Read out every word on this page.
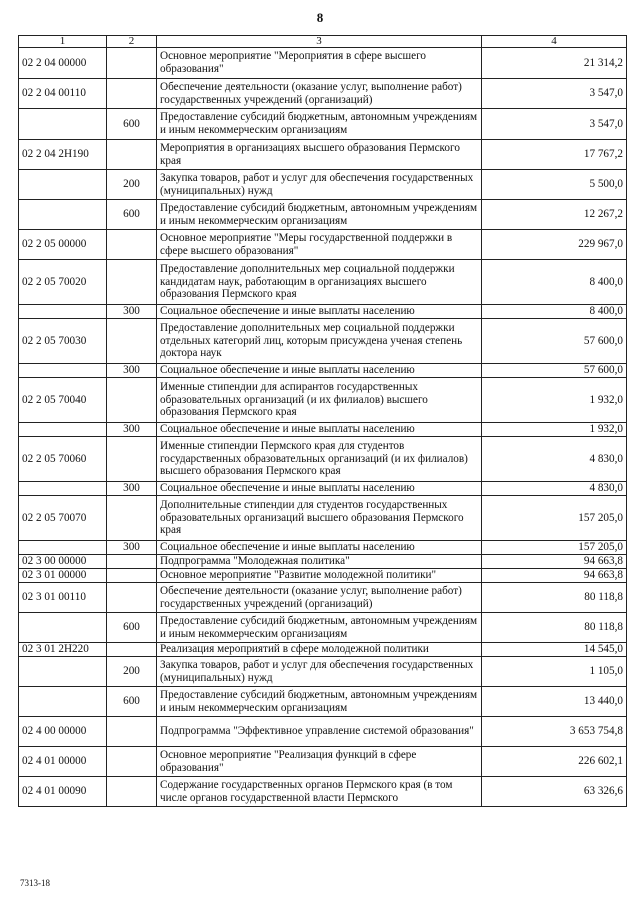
8
1	2	3	4
02 2 04 00000		Основное мероприятие "Мероприятия в сфере высшего образования"	21 314,2
02 2 04 00110		Обеспечение деятельности (оказание услуг, выполнение работ) государственных учреждений (организаций)	3 547,0
	600	Предоставление субсидий бюджетным, автономным учреждениям и иным некоммерческим организациям	3 547,0
02 2 04 2Н190		Мероприятия в организациях высшего образования Пермского края	17 767,2
	200	Закупка товаров, работ и услуг для обеспечения государственных (муниципальных) нужд	5 500,0
	600	Предоставление субсидий бюджетным, автономным учреждениям и иным некоммерческим организациям	12 267,2
02 2 05 00000		Основное мероприятие "Меры государственной поддержки в сфере высшего образования"	229 967,0
02 2 05 70020		Предоставление дополнительных мер социальной поддержки кандидатам наук, работающим в организациях высшего образования Пермского края	8 400,0
	300	Социальное обеспечение и иные выплаты населению	8 400,0
02 2 05 70030		Предоставление дополнительных мер социальной поддержки отдельных категорий лиц, которым присуждена ученая степень доктора наук	57 600,0
	300	Социальное обеспечение и иные выплаты населению	57 600,0
02 2 05 70040		Именные стипендии для аспирантов государственных образовательных организаций (и их филиалов) высшего образования Пермского края	1 932,0
	300	Социальное обеспечение и иные выплаты населению	1 932,0
02 2 05 70060		Именные стипендии Пермского края для студентов государственных образовательных организаций (и их филиалов) высшего образования Пермского края	4 830,0
	300	Социальное обеспечение и иные выплаты населению	4 830,0
02 2 05 70070		Дополнительные стипендии для студентов государственных образовательных организаций высшего образования Пермского края	157 205,0
	300	Социальное обеспечение и иные выплаты населению	157 205,0
02 3 00 00000		Подпрограмма "Молодежная политика"	94 663,8
02 3 01 00000		Основное мероприятие "Развитие молодежной политики"	94 663,8
02 3 01 00110		Обеспечение деятельности (оказание услуг, выполнение работ) государственных учреждений (организаций)	80 118,8
	600	Предоставление субсидий бюджетным, автономным учреждениям и иным некоммерческим организациям	80 118,8
02 3 01 2Н220		Реализация мероприятий в сфере молодежной политики	14 545,0
	200	Закупка товаров, работ и услуг для обеспечения государственных (муниципальных) нужд	1 105,0
	600	Предоставление субсидий бюджетным, автономным учреждениям и иным некоммерческим организациям	13 440,0
02 4 00 00000		Подпрограмма "Эффективное управление системой образования"	3 653 754,8
02 4 01 00000		Основное мероприятие "Реализация функций в сфере образования"	226 602,1
02 4 01 00090		Содержание государственных органов Пермского края (в том числе органов государственной власти Пермского	63 326,6
7313-18
